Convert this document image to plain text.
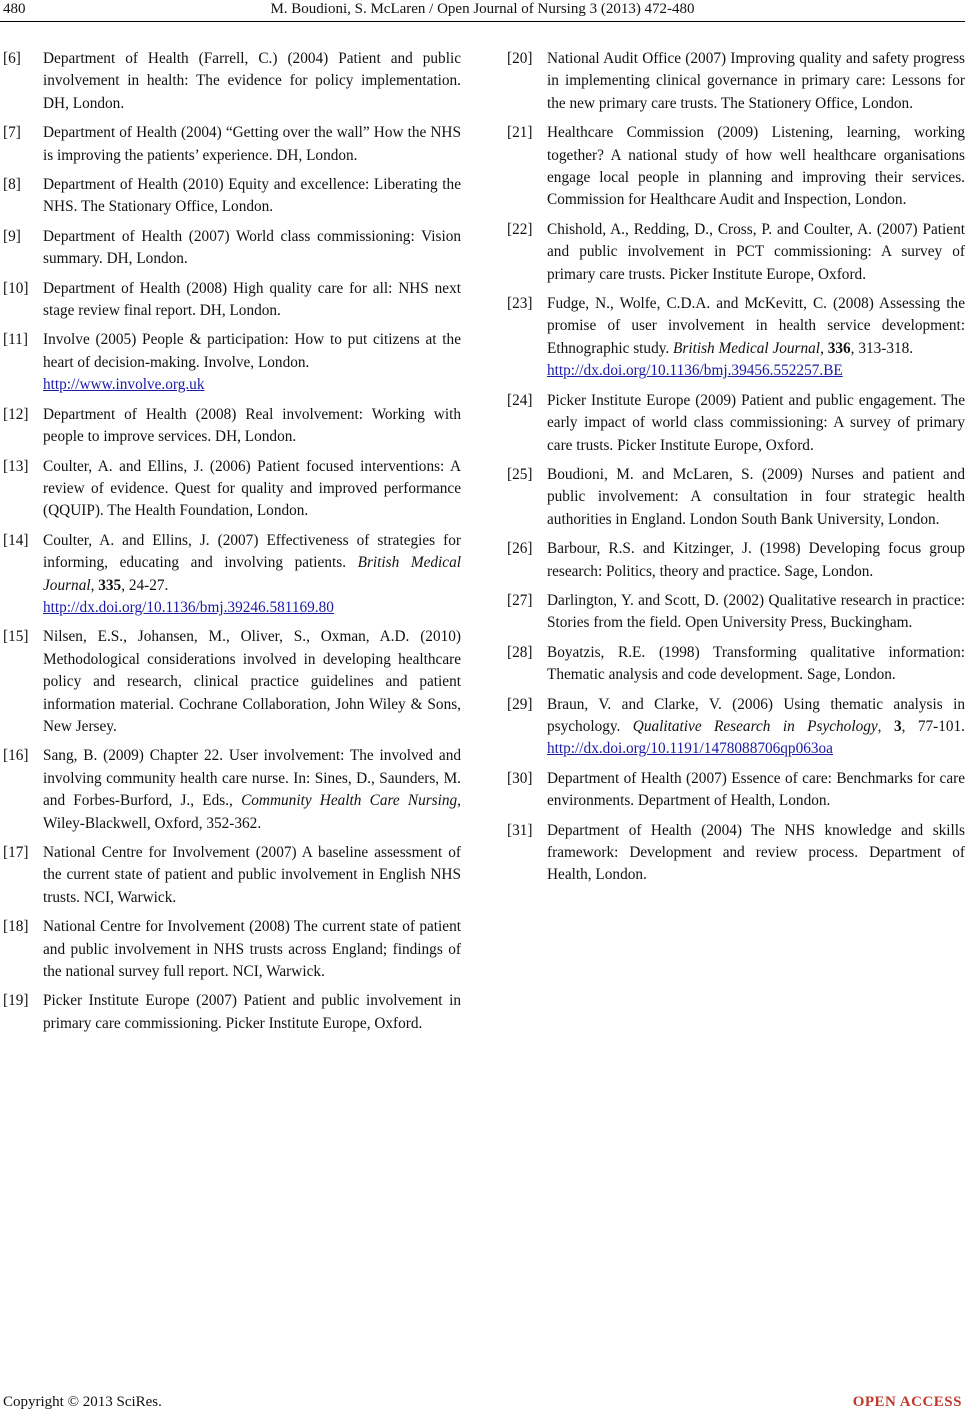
480	M. Boudioni, S. McLaren / Open Journal of Nursing 3 (2013) 472-480
[6]	Department of Health (Farrell, C.) (2004) Patient and public involvement in health: The evidence for policy implementation. DH, London.
[7]	Department of Health (2004) “Getting over the wall” How the NHS is improving the patients’ experience. DH, London.
[8]	Department of Health (2010) Equity and excellence: Liberating the NHS. The Stationary Office, London.
[9]	Department of Health (2007) World class commissioning: Vision summary. DH, London.
[10] Department of Health (2008) High quality care for all: NHS next stage review final report. DH, London.
[11] Involve (2005) People & participation: How to put citizens at the heart of decision-making. Involve, London.http://www.involve.org.uk
[12] Department of Health (2008) Real involvement: Working with people to improve services. DH, London.
[13] Coulter, A. and Ellins, J. (2006) Patient focused interventions: A review of evidence. Quest for quality and improved performance (QQUIP). The Health Foundation, London.
[14] Coulter, A. and Ellins, J. (2007) Effectiveness of strategies for informing, educating and involving patients. British Medical Journal, 335, 24-27.http://dx.doi.org/10.1136/bmj.39246.581169.80
[15] Nilsen, E.S., Johansen, M., Oliver, S., Oxman, A.D. (2010) Methodological considerations involved in developing healthcare policy and research, clinical practice guidelines and patient information material. Cochrane Collaboration, John Wiley & Sons, New Jersey.
[16] Sang, B. (2009) Chapter 22. User involvement: The involved and involving community health care nurse. In: Sines, D., Saunders, M. and Forbes-Burford, J., Eds., Community Health Care Nursing, Wiley-Blackwell, Oxford, 352-362.
[17] National Centre for Involvement (2007) A baseline assessment of the current state of patient and public involvement in English NHS trusts. NCI, Warwick.
[18] National Centre for Involvement (2008) The current state of patient and public involvement in NHS trusts across England; findings of the national survey full report. NCI, Warwick.
[19] Picker Institute Europe (2007) Patient and public involvement in primary care commissioning. Picker Institute Europe, Oxford.
[20] National Audit Office (2007) Improving quality and safety progress in implementing clinical governance in primary care: Lessons for the new primary care trusts. The Stationery Office, London.
[21] Healthcare Commission (2009) Listening, learning, working together? A national study of how well healthcare organisations engage local people in planning and improving their services. Commission for Healthcare Audit and Inspection, London.
[22] Chishold, A., Redding, D., Cross, P. and Coulter, A. (2007) Patient and public involvement in PCT commissioning: A survey of primary care trusts. Picker Institute Europe, Oxford.
[23] Fudge, N., Wolfe, C.D.A. and McKevitt, C. (2008) Assessing the promise of user involvement in health service development: Ethnographic study. British Medical Journal, 336, 313-318.http://dx.doi.org/10.1136/bmj.39456.552257.BE
[24] Picker Institute Europe (2009) Patient and public engagement. The early impact of world class commissioning: A survey of primary care trusts. Picker Institute Europe, Oxford.
[25] Boudioni, M. and McLaren, S. (2009) Nurses and patient and public involvement: A consultation in four strategic health authorities in England. London South Bank University, London.
[26] Barbour, R.S. and Kitzinger, J. (1998) Developing focus group research: Politics, theory and practice. Sage, London.
[27] Darlington, Y. and Scott, D. (2002) Qualitative research in practice: Stories from the field. Open University Press, Buckingham.
[28] Boyatzis, R.E. (1998) Transforming qualitative information: Thematic analysis and code development. Sage, London.
[29] Braun, V. and Clarke, V. (2006) Using thematic analysis in psychology. Qualitative Research in Psychology, 3, 77-101. http://dx.doi.org/10.1191/1478088706qp063oa
[30] Department of Health (2007) Essence of care: Benchmarks for care environments. Department of Health, London.
[31] Department of Health (2004) The NHS knowledge and skills framework: Development and review process. Department of Health, London.
Copyright © 2013 SciRes.	OPEN ACCESS
